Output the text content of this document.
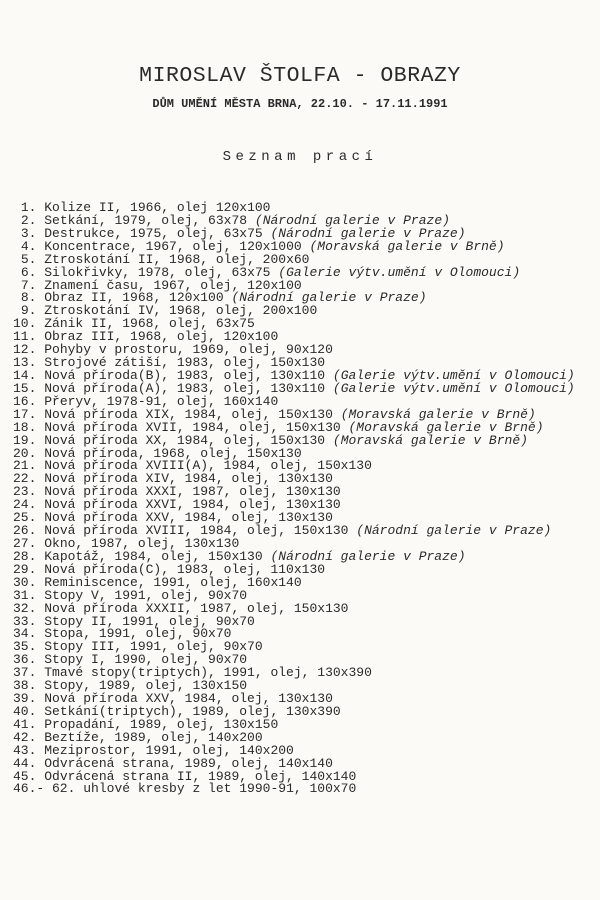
MIROSLAV ŠTOLFA - OBRAZY
DŮM UMĚNÍ MĚSTA BRNA, 22.10. - 17.11.1991
Seznam prací
1. Kolize II, 1966, olej 120x100
2. Setkání, 1979, olej, 63x78 (Národní galerie v Praze)
3. Destrukce, 1975, olej, 63x75 (Národní galerie v Praze)
4. Koncentrace, 1967, olej, 120x1000 (Moravská galerie v Brně)
5. Ztroskotání II, 1968, olej, 200x60
6. Silokřivky, 1978, olej, 63x75 (Galerie výtv.umění v Olomouci)
7. Znamení času, 1967, olej, 120x100
8. Obraz II, 1968, 120x100 (Národní galerie v Praze)
9. Ztroskotání IV, 1968, olej, 200x100
10. Zánik II, 1968, olej, 63x75
11. Obraz III, 1968, olej, 120x100
12. Pohyby v prostoru, 1969, olej, 90x120
13. Strojové zátiší, 1983, olej, 150x130
14. Nová příroda(B), 1983, olej, 130x110 (Galerie výtv.umění v Olomouci)
15. Nová příroda(A), 1983, olej, 130x110 (Galerie výtv.umění v Olomouci)
16. Přeryv, 1978-91, olej, 160x140
17. Nová příroda XIX, 1984, olej, 150x130 (Moravská galerie v Brně)
18. Nová příroda XVII, 1984, olej, 150x130 (Moravská galerie v Brně)
19. Nová příroda XX, 1984, olej, 150x130 (Moravská galerie v Brně)
20. Nová příroda, 1968, olej, 150x130
21. Nová příroda XVIII(A), 1984, olej, 150x130
22. Nová příroda XIV, 1984, olej, 130x130
23. Nová příroda XXXI, 1987, olej, 130x130
24. Nová příroda XXVI, 1984, olej, 130x130
25. Nová příroda XXV, 1984, olej, 130x130
26. Nová příroda XVIII, 1984, olej, 150x130 (Národní galerie v Praze)
27. Okno, 1987, olej, 130x130
28. Kapotáž, 1984, olej, 150x130 (Národní galerie v Praze)
29. Nová příroda(C), 1983, olej, 110x130
30. Reminiscence, 1991, olej, 160x140
31. Stopy V, 1991, olej, 90x70
32. Nová příroda XXXII, 1987, olej, 150x130
33. Stopy II, 1991, olej, 90x70
34. Stopa, 1991, olej, 90x70
35. Stopy III, 1991, olej, 90x70
36. Stopy I, 1990, olej, 90x70
37. Tmavé stopy(triptych), 1991, olej, 130x390
38. Stopy, 1989, olej, 130x150
39. Nová příroda XXV, 1984, olej, 130x130
40. Setkání(triptych), 1989, olej, 130x390
41. Propadání, 1989, olej, 130x150
42. Beztíže, 1989, olej, 140x200
43. Meziprostor, 1991, olej, 140x200
44. Odvrácená strana, 1989, olej, 140x140
45. Odvrácená strana II, 1989, olej, 140x140
46.- 62. uhlové kresby z let 1990-91, 100x70
